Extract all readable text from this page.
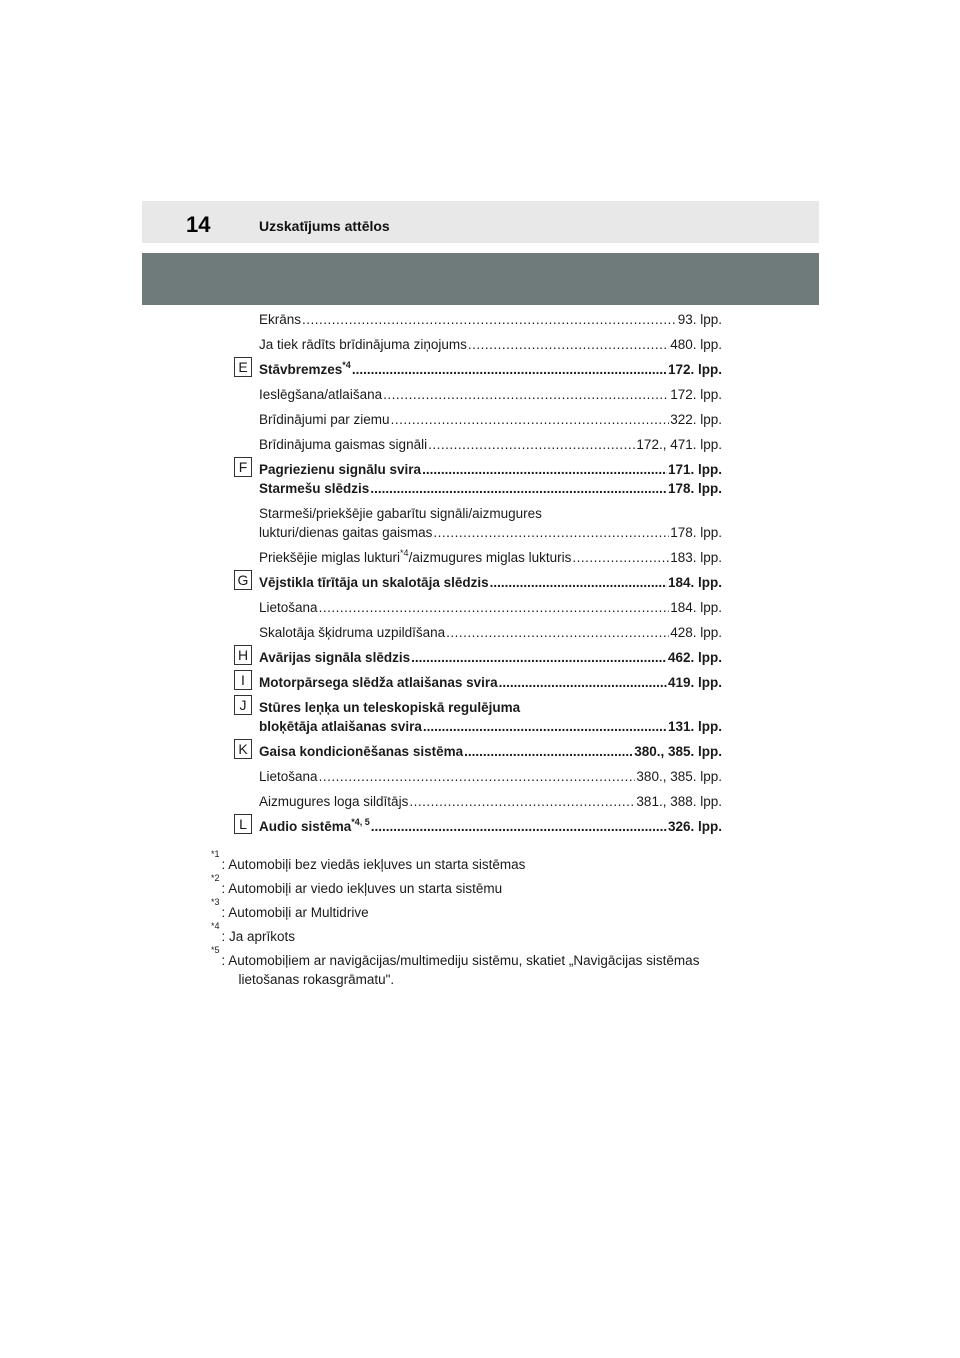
14	Uzskatījums attēlos
Ekrāns .....	93. lpp.
Ja tiek rādīts brīdinājuma ziņojums .....	480. lpp.
E Stāvbremzes$^{*4}$ .....	172. lpp.
Ieslēgšana/atlaišana .....	172. lpp.
Brīdinājumi par ziemu .....	322. lpp.
Brīdinājuma gaismas signāli .....	172., 471. lpp.
F Pagriezienu signālu svira .....	171. lpp.
Starmešu slēdzis .....	178. lpp.
Starmeši/priekšējie gabarītu signāli/aizmugures
lukturi/dienas gaitas gaismas .....	178. lpp.
Priekšējie miglas lukturi$^{*4}$/aizmugures miglas lukturis .....	183. lpp.
G Vējstikla tīrītāja un skalotāja slēdzis .....	184. lpp.
Lietošana .....	184. lpp.
Skalotāja šķidruma uzpildīšana .....	428. lpp.
H Avārijas signāla slēdzis .....	462. lpp.
I	Motorpārsega slēdža atlaišanas svira .....	419. lpp.
J Stūres leņķa un teleskopiskā regulējuma
bloķētāja atlaišanas svira .....	131. lpp.
K Gaisa kondicionēšanas sistēma .....	380., 385. lpp.
Lietošana .....	380., 385. lpp.
Aizmugures loga sildītājs .....	381., 388. lpp.
L Audio sistēma$^{*4, 5}$ .....	326. lpp.
$^{*1}$
: Automobiļi bez viedās iekļuves un starta sistēmas
$^{*2}$
: Automobiļi ar viedo iekļuves un starta sistēmu
$^{*3}$
: Automobiļi ar Multidrive
$^{*4}$
: Ja aprīkots
$^{*5}$
: Automobiļiem ar navigācijas/multimediju sistēmu, skatiet „Navigācijas sistēmas
lietošanas rokasgrāmatu".
